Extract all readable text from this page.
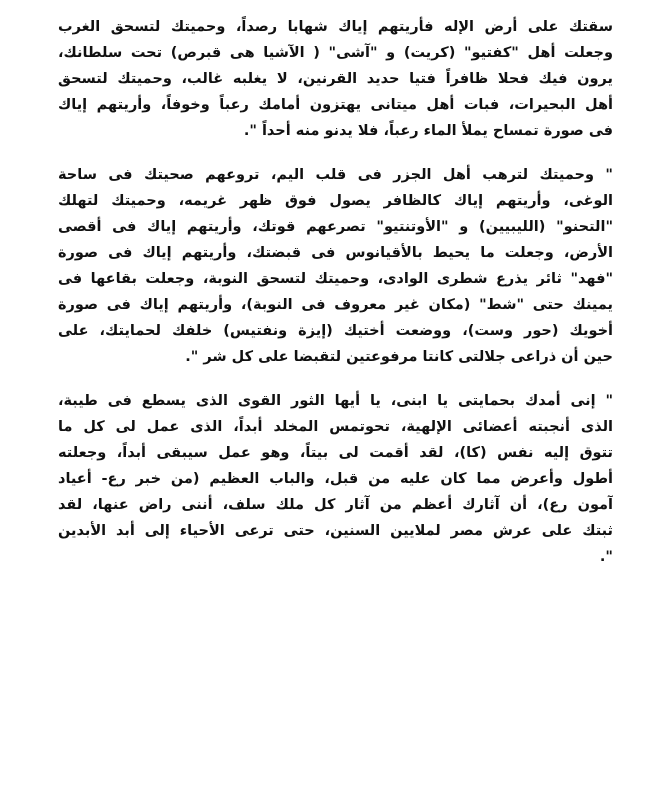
سقتك على أرض الإله فأريتهم إياك شهابا رصداً، وحميتك لتسحق الغرب
وجعلت أهل "كفتيو" (كريت) و "آشى" ( الآشيا هى قبرص) تحت سلطانك،
يرون فيك فحلا ظافراً فتيا حديد القرنين، لا يغلبه غالب، وحميتك لتسحق
أهل البحيرات، فبات أهل ميتانى يهتزون أمامك رعباً وخوفاً، وأريتهم إياك
فى صورة تمساح يملأ الماء رعباً، فلا يدنو منه أحداً ".
" وحميتك لترهب أهل الجزر فى قلب اليم، تروعهم صحيتك فى ساحة
الوغى، وأريتهم إياك كالظافر يصول فوق ظهر غريمه، وحميتك لتهلك
"التحنو" (الليبيين) و "الأوتنتيو" تصرعهم قوتك، وأريتهم إياك فى أقصى
الأرض، وجعلت ما يحيط بالأقيانوس فى قبضتك، وأريتهم إياك فى صورة
"فهد" ثائر يذرع شطرى الوادى، وحميتك لتسحق النوبة، وجعلت بقاعها فى
يمينك حتى "شط" (مكان غير معروف فى النوبة)، وأريتهم إياك فى صورة
أخويك (حور وست)، ووضعت أختيك (إيزة ونفتيس) خلفك لحمايتك، على
حين أن ذراعى جلالتى كانتا مرفوعتين لتقبضا على كل شر ".
" إنى أمدك بحمايتى يا ابنى، يا أيها الثور القوى الذى يسطع فى طيبة،
الذى أنجبته أعضائى الإلهية، تحوتمس المخلد أبداً، الذى عمل لى كل ما
تتوق إليه نفس (كا)، لقد أقمت لى بيتاً، وهو عمل سيبقى أبداً، وجعلته
أطول وأعرض مما كان عليه من قبل، والباب العظيم (من خبر رع- أعياد
آمون رع)، أن آثارك أعظم من آثار كل ملك سلف، أننى راض عنها، لقد
ثبتك على عرش مصر لملايين السنين، حتى ترعى الأحياء إلى أبد الأبدين
".
